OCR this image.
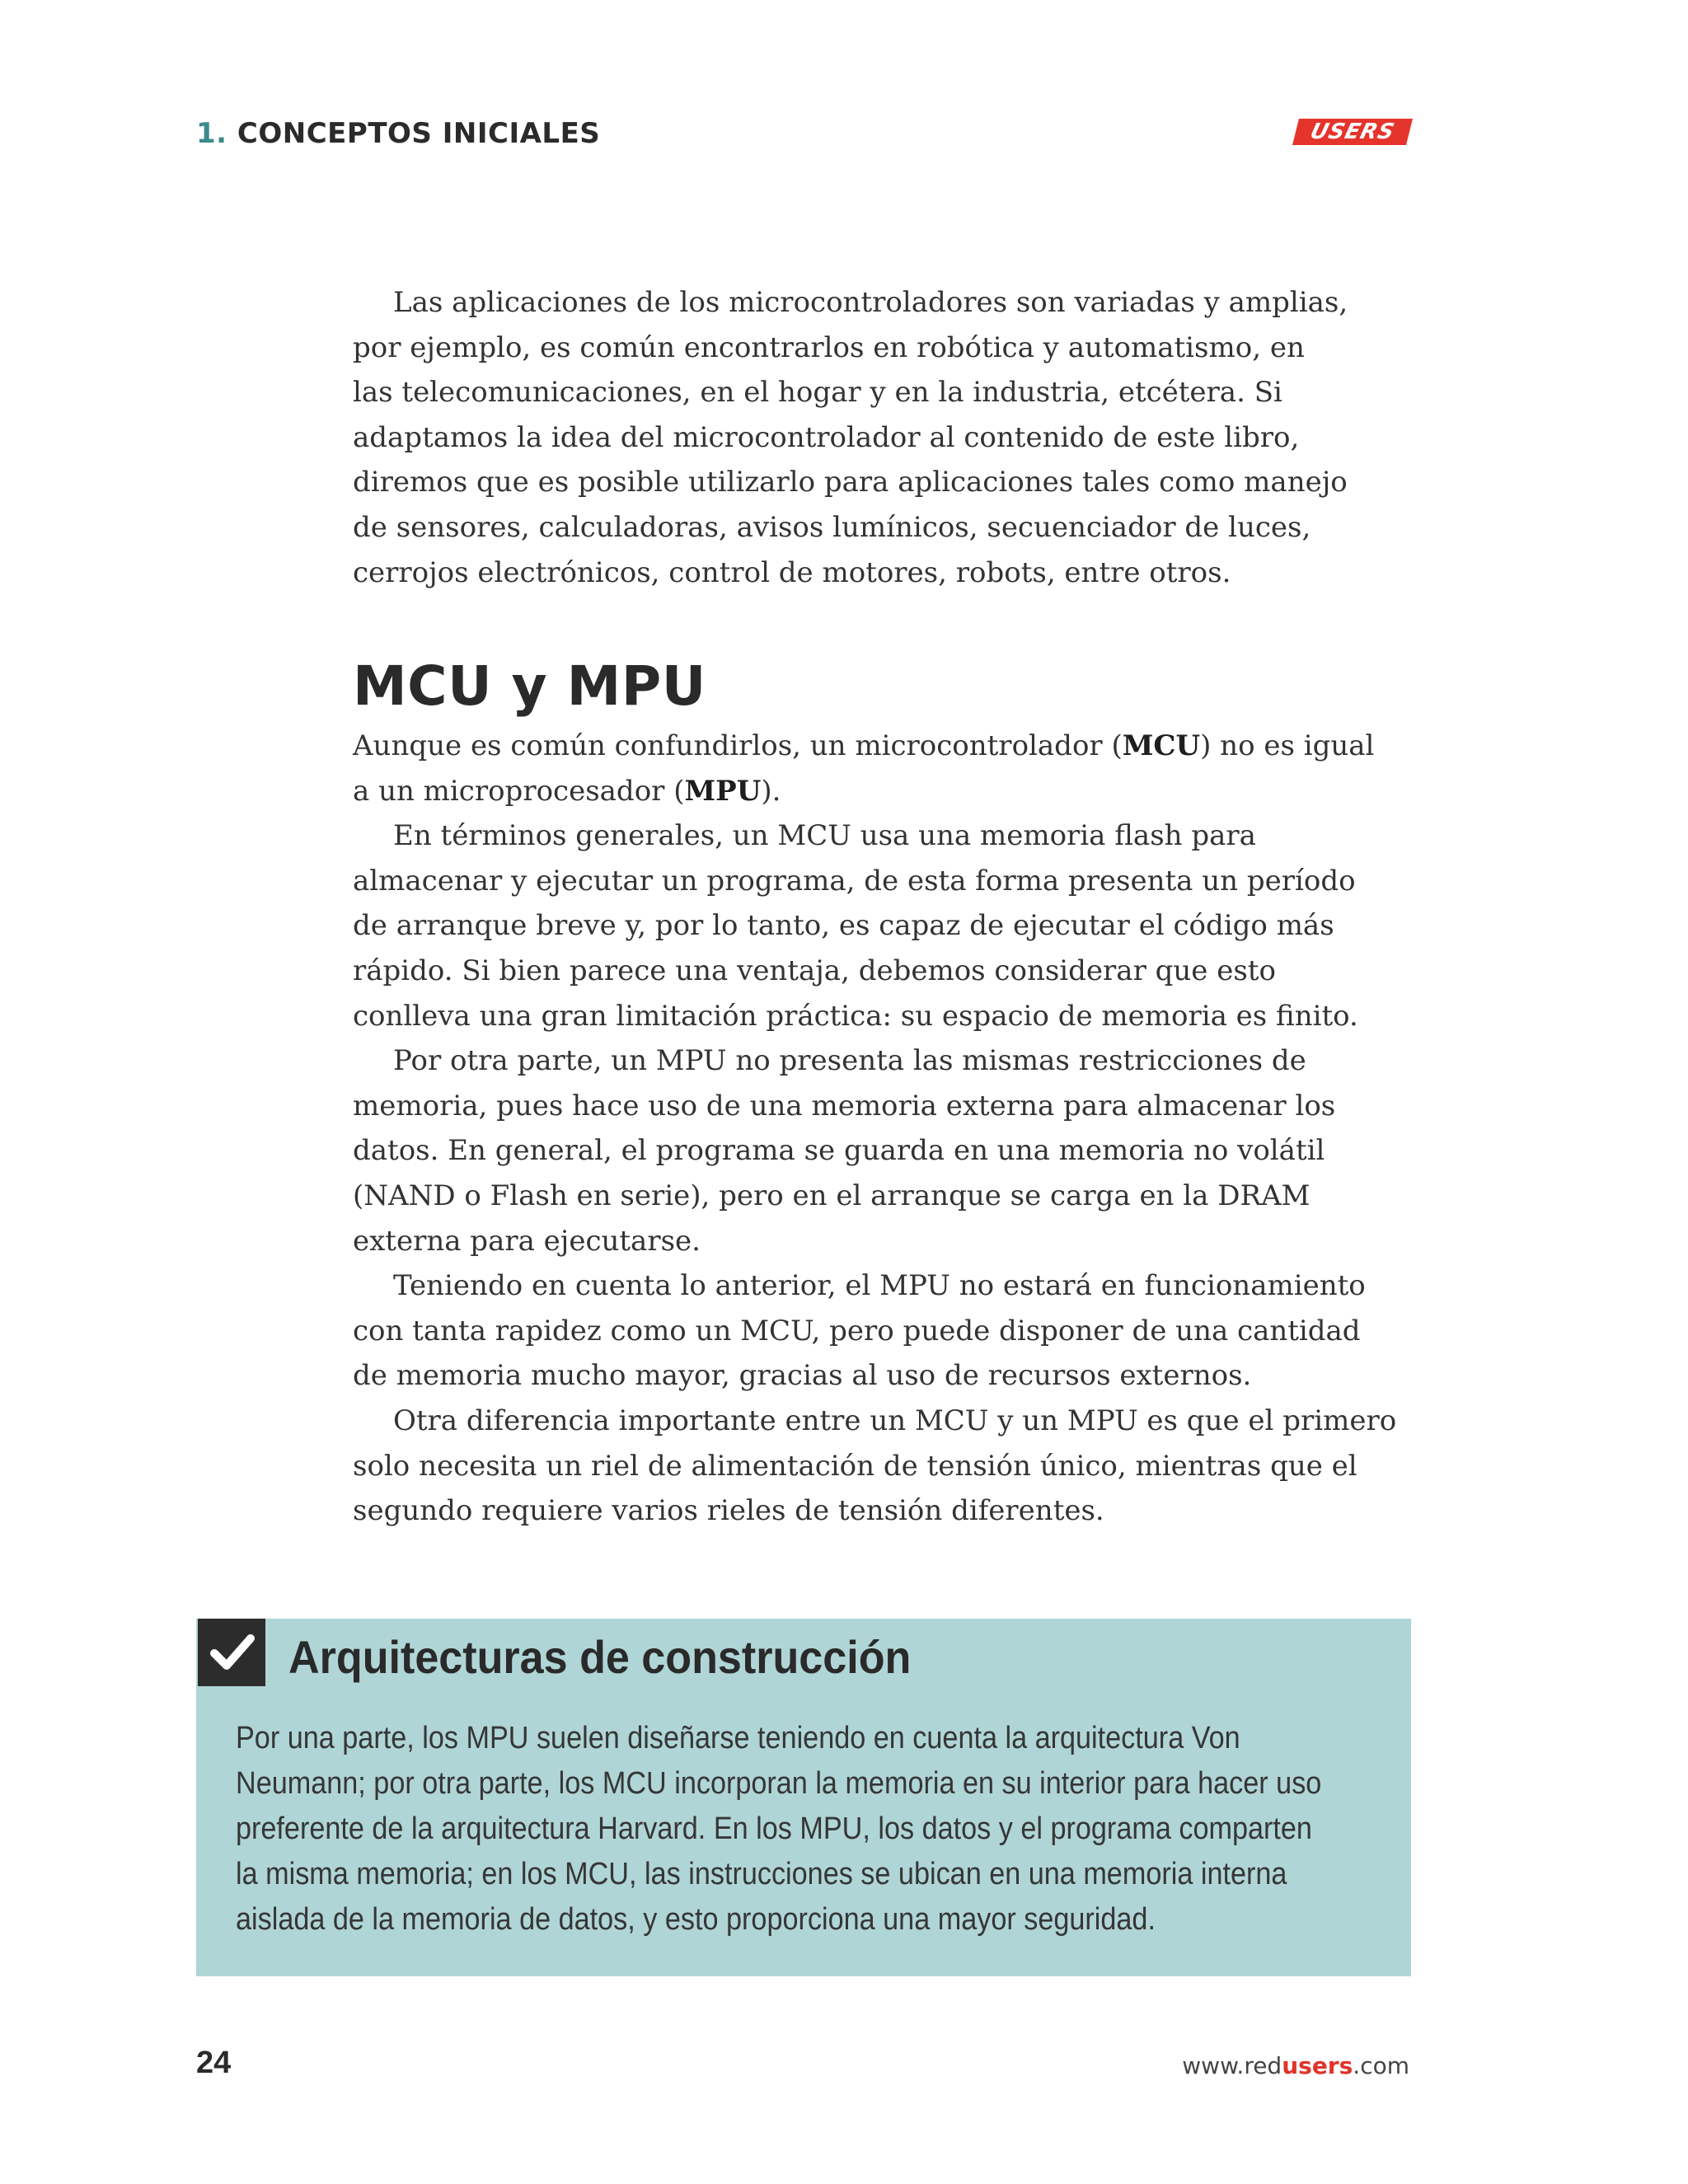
1. CONCEPTOS INICIALES	USERS

Las aplicaciones de los microcontroladores son variadas y amplias,
por ejemplo, es común encontrarlos en robótica y automatismo, en
las telecomunicaciones, en el hogar y en la industria, etcétera. Si
adaptamos la idea del microcontrolador al contenido de este libro,
diremos que es posible utilizarlo para aplicaciones tales como manejo
de sensores, calculadoras, avisos lumínicos, secuenciador de luces,
cerrojos electrónicos, control de motores, robots, entre otros.

MCU y MPU

Aunque es común confundirlos, un microcontrolador (MCU) no es igual
a un microprocesador (MPU).

En términos generales, un MCU usa una memoria flash para
almacenar y ejecutar un programa, de esta forma presenta un período
de arranque breve y, por lo tanto, es capaz de ejecutar el código más
rápido. Si bien parece una ventaja, debemos considerar que esto
conlleva una gran limitación práctica: su espacio de memoria es finito.

Por otra parte, un MPU no presenta las mismas restricciones de
memoria, pues hace uso de una memoria externa para almacenar los
datos. En general, el programa se guarda en una memoria no volátil
(NAND o Flash en serie), pero en el arranque se carga en la DRAM
externa para ejecutarse.

Teniendo en cuenta lo anterior, el MPU no estará en funcionamiento
con tanta rapidez como un MCU, pero puede disponer de una cantidad
de memoria mucho mayor, gracias al uso de recursos externos.

Otra diferencia importante entre un MCU y un MPU es que el primero
solo necesita un riel de alimentación de tensión único, mientras que el
segundo requiere varios rieles de tensión diferentes.

Arquitecturas de construcción
Por una parte, los MPU suelen diseñarse teniendo en cuenta la arquitectura Von
Neumann; por otra parte, los MCU incorporan la memoria en su interior para hacer uso
preferente de la arquitectura Harvard. En los MPU, los datos y el programa comparten
la misma memoria; en los MCU, las instrucciones se ubican en una memoria interna
aislada de la memoria de datos, y esto proporciona una mayor seguridad.
24	www.redusers.com
